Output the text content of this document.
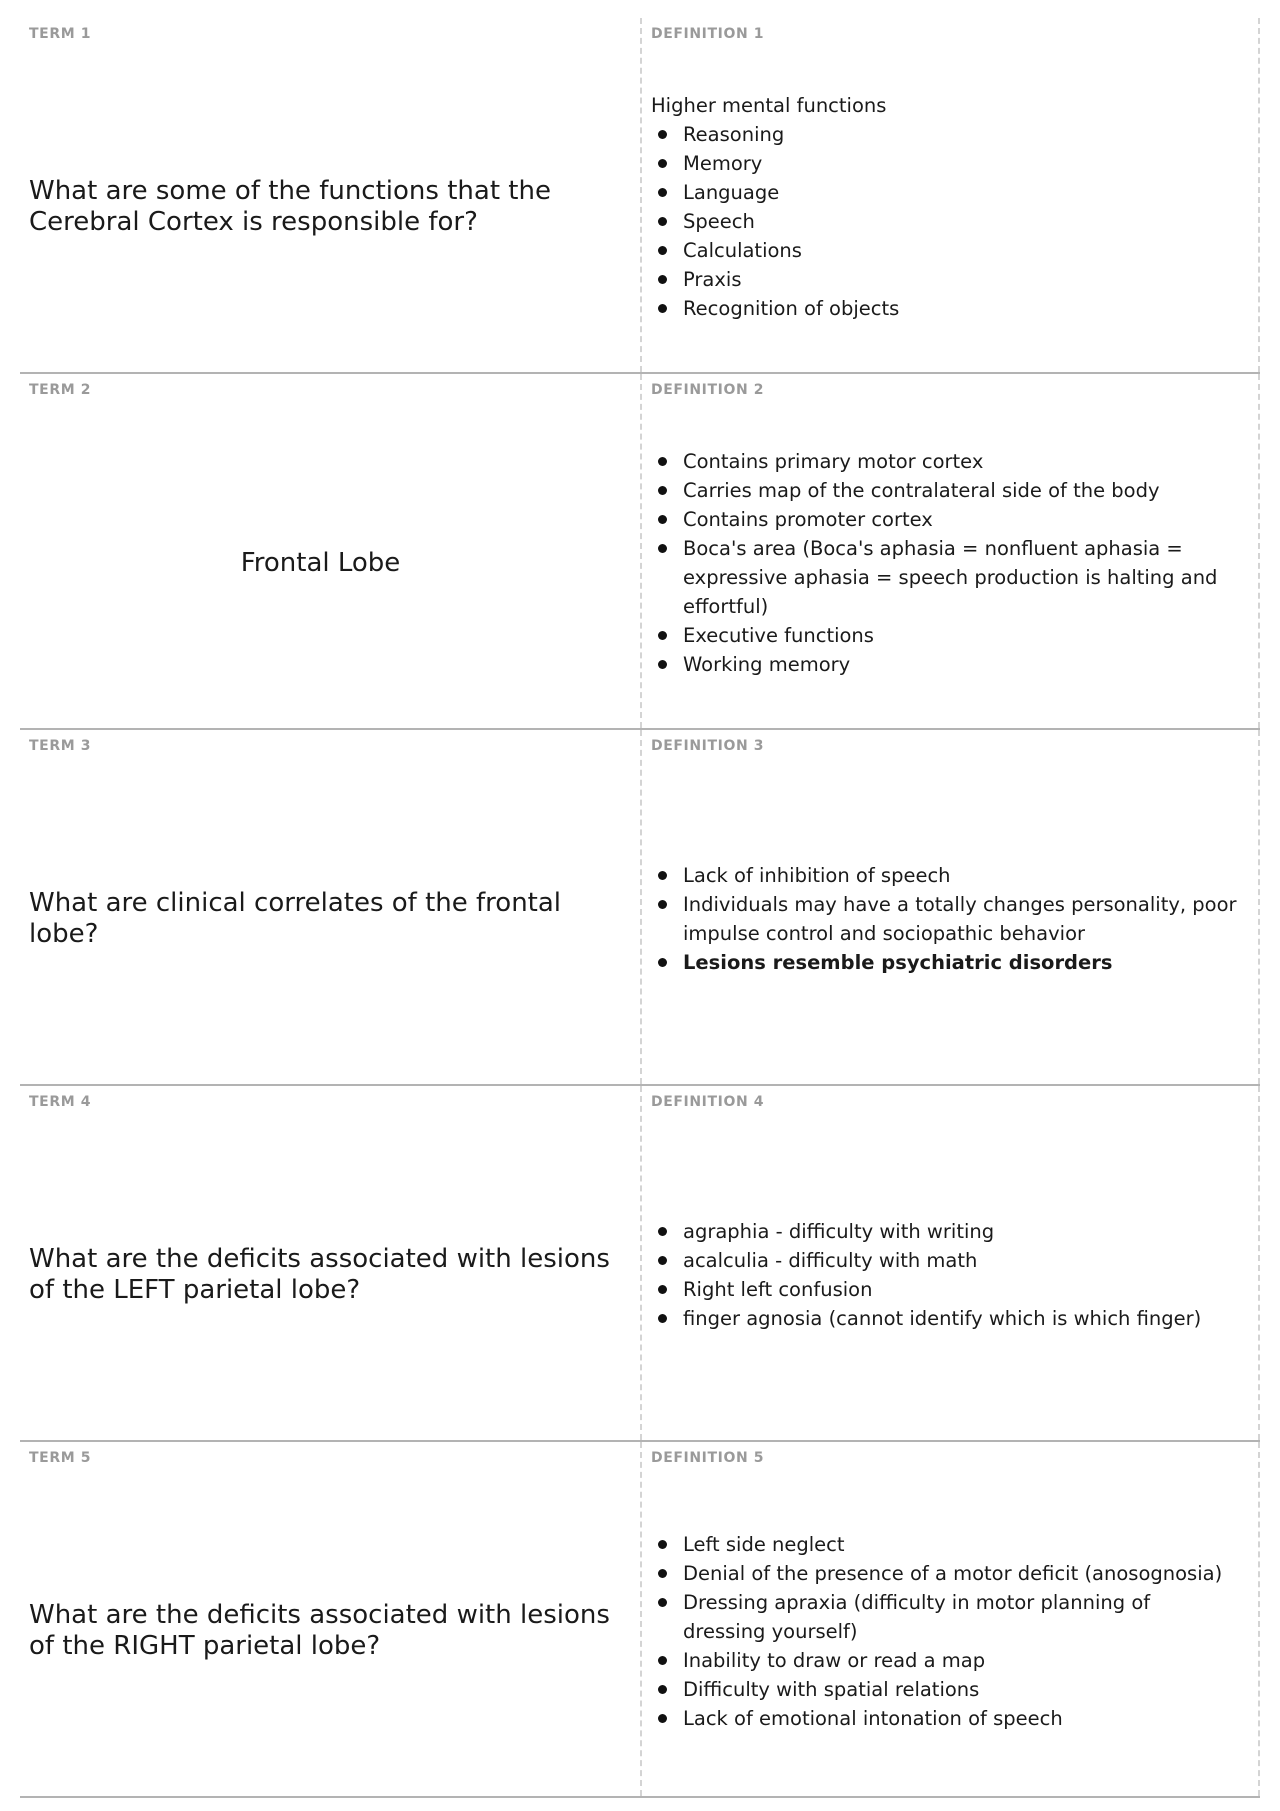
TERM 1

What are some of the functions that the Cerebral Cortex is responsible for?

DEFINITION 1

Higher mental functions

Reasoning
Memory
Language
Speech
Calculations
Praxis
Recognition of objects
TERM 2

Frontal Lobe

DEFINITION 2
Contains primary motor cortex
Carries map of the contralateral side of the body
Contains promoter cortex
Boca's area (Boca's aphasia = nonfluent aphasia = expressive aphasia = speech production is halting and effortful)
Executive functions
Working memory
TERM 3

What are clinical correlates of the frontal lobe?

DEFINITION 3
Lack of inhibition of speech
Individuals may have a totally changes personality, poor impulse control and sociopathic behavior
Lesions resemble psychiatric disorders
TERM 4

What are the deficits associated with lesions of the LEFT parietal lobe?

DEFINITION 4
agraphia - difficulty with writing
acalculia - difficulty with math
Right left confusion
finger agnosia (cannot identify which is which finger)
TERM 5

What are the deficits associated with lesions of the RIGHT parietal lobe?

DEFINITION 5
Left side neglect
Denial of the presence of a motor deficit (anosognosia)
Dressing apraxia (difficulty in motor planning of dressing yourself)
Inability to draw or read a map
Difficulty with spatial relations
Lack of emotional intonation of speech
